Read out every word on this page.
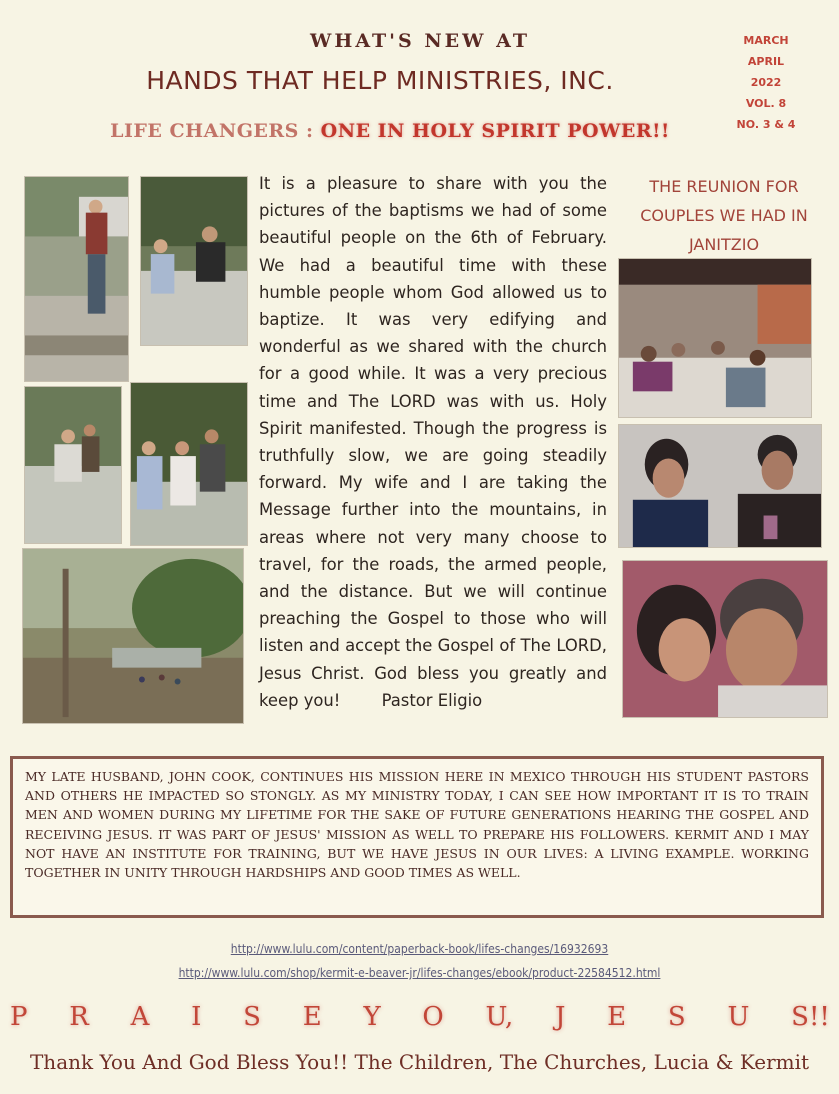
WHAT'S NEW AT
HANDS THAT HELP MINISTRIES, INC.
LIFE CHANGERS : ONE IN HOLY SPIRIT POWER!!
MARCH
APRIL
2022
VOL. 8
NO. 3 & 4
It is a pleasure to share with you the pictures of the baptisms we had of some beautiful people on the 6th of February. We had a beautiful time with these humble people whom God allowed us to baptize. It was very edifying and wonderful as we shared with the church for a good while. It was a very precious time and The LORD was with us. Holy Spirit manifested. Though the progress is truthfully slow, we are going steadily forward. My wife and I are taking the Message further into the mountains, in areas where not very many choose to travel, for the roads, the armed people, and the distance. But we will continue preaching the Gospel to those who will listen and accept the Gospel of The LORD, Jesus Christ. God bless you greatly and keep you!	Pastor Eligio
THE REUNION FOR COUPLES WE HAD IN JANITZIO
MY LATE HUSBAND, JOHN COOK, CONTINUES HIS MISSION HERE IN MEXICO THROUGH HIS STUDENT PASTORS AND OTHERS HE IMPACTED SO STONGLY. AS MY MINISTRY TODAY, I CAN SEE HOW IMPORTANT IT IS TO TRAIN MEN AND WOMEN DURING MY LIFETIME FOR THE SAKE OF FUTURE GENERATIONS HEARING THE GOSPEL AND RECEIVING JESUS. IT WAS PART OF JESUS' MISSION AS WELL TO PREPARE HIS FOLLOWERS. KERMIT AND I MAY NOT HAVE AN INSTITUTE FOR TRAINING, BUT WE HAVE JESUS IN OUR LIVES: A LIVING EXAMPLE. WORKING TOGETHER IN UNITY THROUGH HARDSHIPS AND GOOD TIMES AS WELL.
http://www.lulu.com/content/paperback-book/lifes-changes/16932693
http://www.lulu.com/shop/kermit-e-beaver-jr/lifes-changes/ebook/product-22584512.html
P R A I S E Y O U, J E S U S!!
Thank You And God Bless You!! The Children, The Churches, Lucia & Kermit
